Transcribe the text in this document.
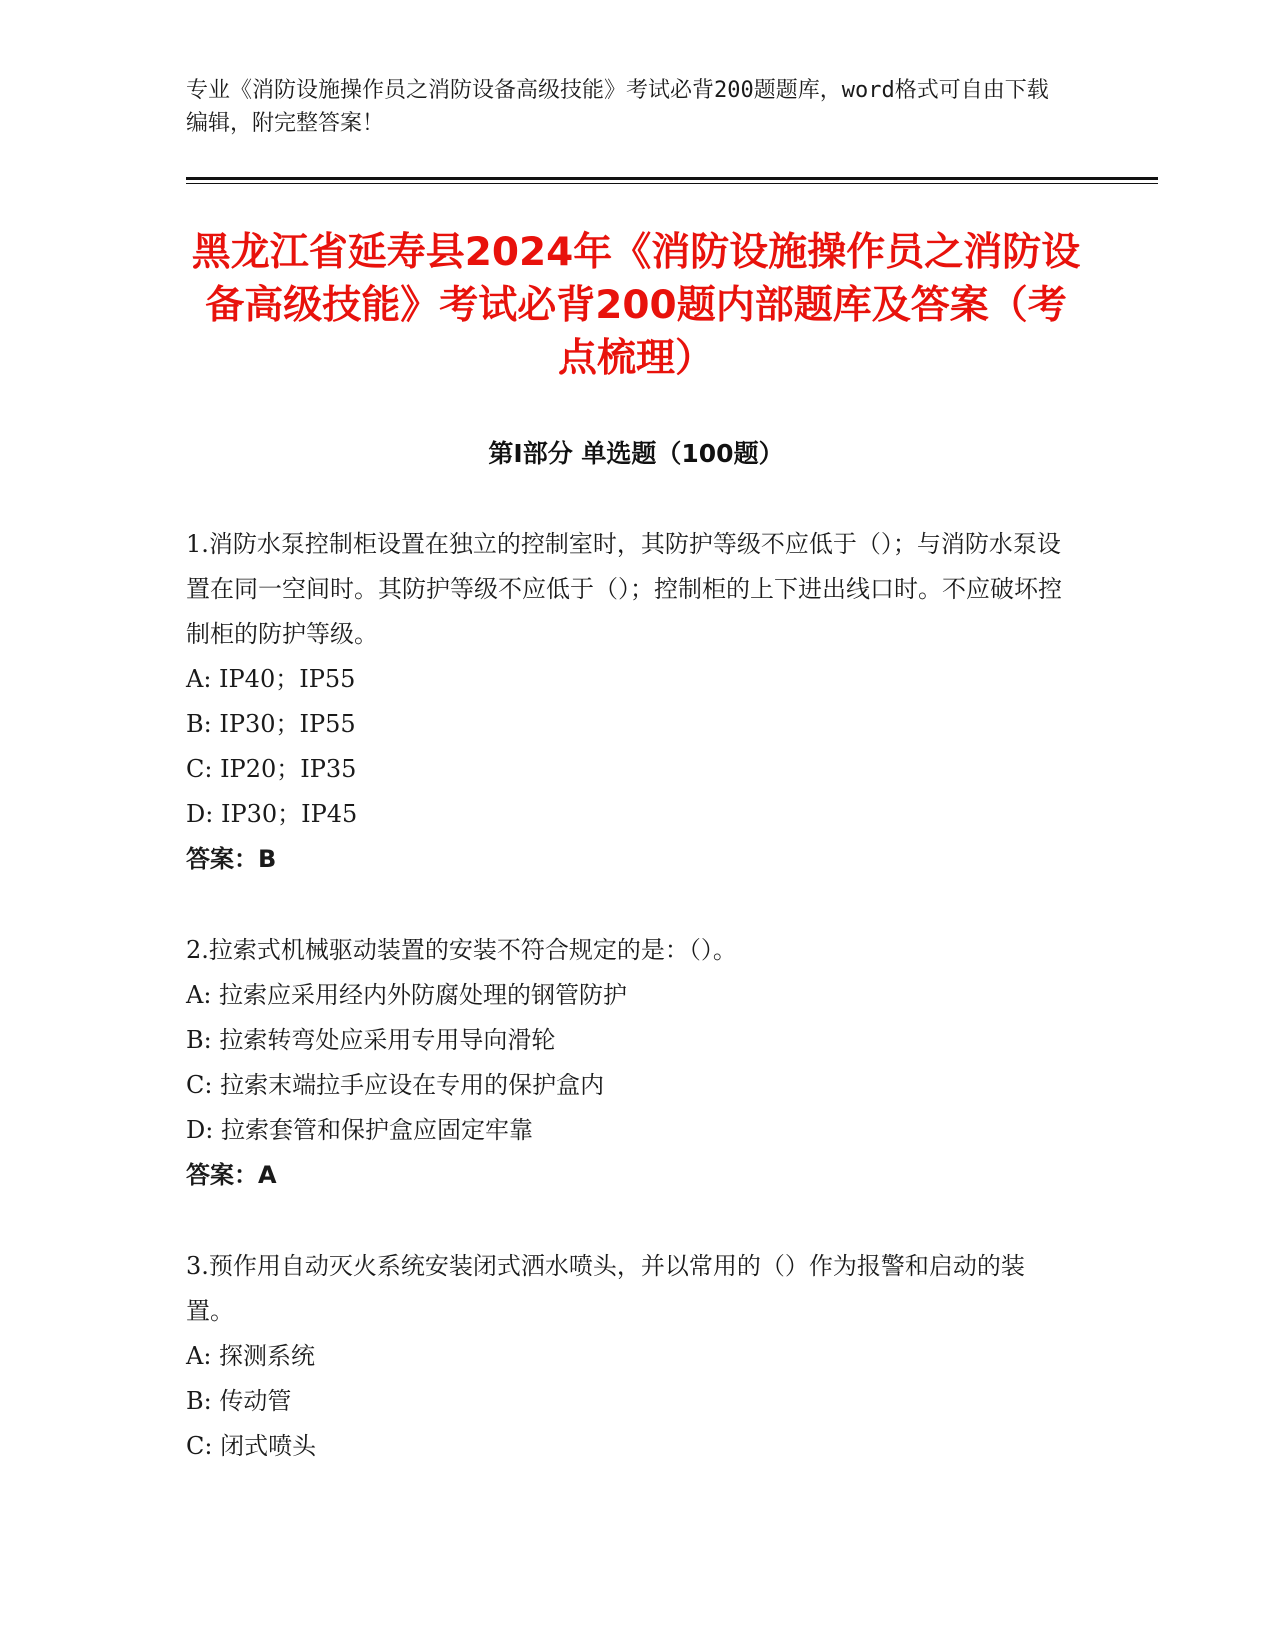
专业《消防设施操作员之消防设备高级技能》考试必背200题题库，word格式可自由下载编辑，附完整答案！
黑龙江省延寿县2024年《消防设施操作员之消防设备高级技能》考试必背200题内部题库及答案（考点梳理）
第I部分 单选题（100题）

1.消防水泵控制柜设置在独立的控制室时，其防护等级不应低于（）；与消防水泵设置在同一空间时。其防护等级不应低于（）；控制柜的上下进出线口时。不应破坏控制柜的防护等级。

A: IP40；IP55

B: IP30；IP55

C: IP20；IP35

D: IP30；IP45

答案：B

2.拉索式机械驱动装置的安装不符合规定的是：（）。

A: 拉索应采用经内外防腐处理的钢管防护

B: 拉索转弯处应采用专用导向滑轮

C: 拉索末端拉手应设在专用的保护盒内

D: 拉索套管和保护盒应固定牢靠

答案：A

3.预作用自动灭火系统安装闭式洒水喷头，并以常用的（）作为报警和启动的装置。

A: 探测系统

B: 传动管

C: 闭式喷头
